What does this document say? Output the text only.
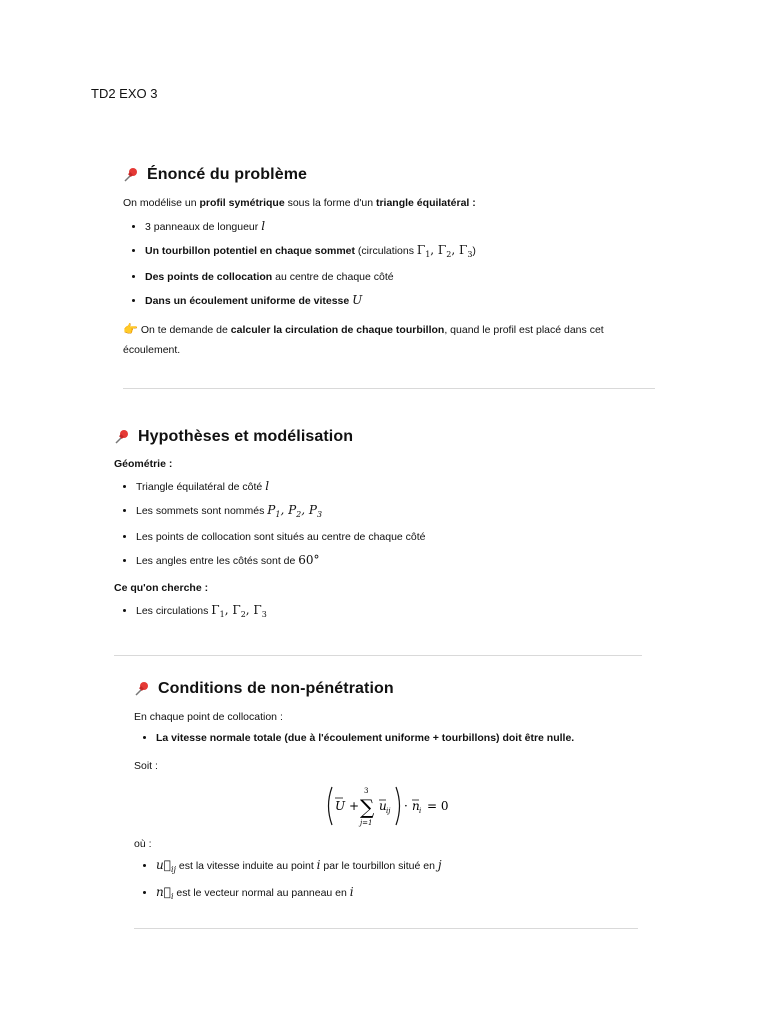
TD2 EXO 3
Énoncé du problème

On modélise un profil symétrique sous la forme d'un triangle équilatéral :

• 3 panneaux de longueur l
• Un tourbillon potentiel en chaque sommet (circulations $\Gamma_1$, $\Gamma_2$, $\Gamma_3$)
• Des points de collocation au centre de chaque côté
• Dans un écoulement uniforme de vitesse U

👉 On te demande de calculer la circulation de chaque tourbillon, quand le profil est placé dans cet écoulement.

Hypothèses et modélisation

Géométrie :

• Triangle équilatéral de côté l
• Les sommets sont nommés $P_1$, $P_2$, $P_3$
• Les points de collocation sont situés au centre de chaque côté
• Les angles entre les côtés sont de 60°

Ce qu'on cherche :

• Les circulations $\Gamma_1$, $\Gamma_2$, $\Gamma_3$
Conditions de non-pénétration

En chaque point de collocation :

• La vitesse normale totale (due à l'écoulement uniforme + tourbillons) doit être nulle.

Soit :

U +
3
∑
j=1
u ij · n i = 0

où :

• $u⃗_{ij}$ est la vitesse induite au point i par le tourbillon situé en j
• $n⃗_i$ est le vecteur normal au panneau en i
